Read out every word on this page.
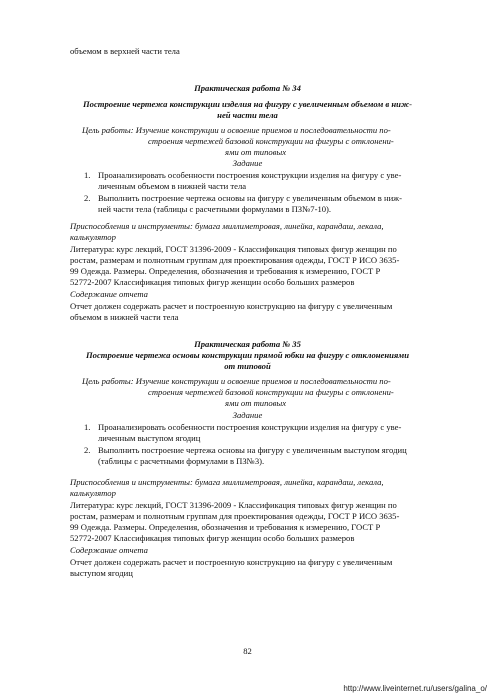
объемом в верхней части тела
Практическая работа № 34
Построение чертежа конструкции изделия на фигуру с увеличенным объемом в ниж-
ней части тела
Цель работы: Изучение конструкции и освоение приемов и последовательности по-
строения чертежей базовой конструкции на фигуры с отклонени-
ями от типовых
Задание
1. Проанализировать особенности построения конструкции изделия на фигуру с уве-
личенным объемом в нижней части тела
2. Выполнить построение чертежа основы на фигуру с увеличенным объемом в ниж-
ней части тела (таблицы с расчетными формулами в ПЗ№7-10).
Приспособления и инструменты: бумага миллиметровая, линейка, карандаш, лекала,
калькулятор
Литература: курс лекций, ГОСТ 31396-2009 - Классификация типовых фигур женщин по
ростам, размерам и полнотным группам для проектирования одежды, ГОСТ Р ИСО 3635-
99 Одежда. Размеры. Определения, обозначения и требования к измерению, ГОСТ Р
52772-2007 Классификация типовых фигур женщин особо больших размеров
Содержание отчета
Отчет должен содержать расчет и построенную конструкцию на фигуру с увеличенным
объемом в нижней части тела
Практическая работа № 35
Построение чертежа основы конструкции прямой юбки на фигуру с отклонениями
от типовой
Цель работы: Изучение конструкции и освоение приемов и последовательности по-
строения чертежей базовой конструкции на фигуры с отклонени-
ями от типовых
Задание
1. Проанализировать особенности построения конструкции изделия на фигуру с уве-
личенным выступом ягодиц
2. Выполнить построение чертежа основы на фигуру с увеличенным выступом ягодиц
(таблицы с расчетными формулами в ПЗ№3).
Приспособления и инструменты: бумага миллиметровая, линейка, карандаш, лекала,
калькулятор
Литература: курс лекций, ГОСТ 31396-2009 - Классификация типовых фигур женщин по
ростам, размерам и полнотным группам для проектирования одежды, ГОСТ Р ИСО 3635-
99 Одежда. Размеры. Определения, обозначения и требования к измерению, ГОСТ Р
52772-2007 Классификация типовых фигур женщин особо больших размеров
Содержание отчета
Отчет должен содержать расчет и построенную конструкцию на фигуру с увеличенным
выступом ягодиц
82
http://www.liveinternet.ru/users/galina_o/
